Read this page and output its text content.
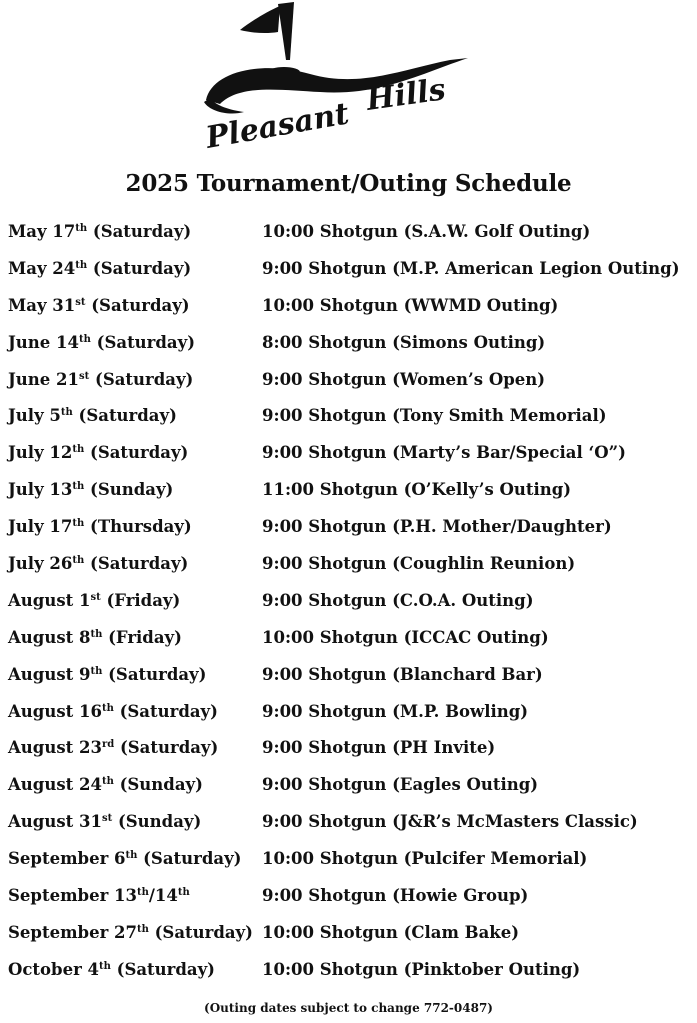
Pleasant
Hills
2025 Tournament/Outing Schedule
May 17th (Saturday)	10:00 Shotgun (S.A.W. Golf Outing)
May 24th (Saturday)	9:00 Shotgun (M.P. American Legion Outing)
May 31st (Saturday)	10:00 Shotgun (WWMD Outing)
June 14th (Saturday)	8:00 Shotgun (Simons Outing)
June 21st (Saturday)	9:00 Shotgun (Women’s Open)
July 5th (Saturday)	9:00 Shotgun (Tony Smith Memorial)
July 12th (Saturday)	9:00 Shotgun (Marty’s Bar/Special ‘O”)
July 13th (Sunday)	11:00 Shotgun (O’Kelly’s Outing)
July 17th (Thursday)	9:00 Shotgun (P.H. Mother/Daughter)
July 26th (Saturday)	9:00 Shotgun (Coughlin Reunion)
August 1st (Friday)	9:00 Shotgun (C.O.A. Outing)
August 8th (Friday)	10:00 Shotgun (ICCAC Outing)
August 9th (Saturday)	9:00 Shotgun (Blanchard Bar)
August 16th (Saturday)	9:00 Shotgun (M.P. Bowling)
August 23rd (Saturday)	9:00 Shotgun (PH Invite)
August 24th (Sunday)	9:00 Shotgun (Eagles Outing)
August 31st (Sunday)	9:00 Shotgun (J&R’s McMasters Classic)
September 6th (Saturday) 10:00 Shotgun (Pulcifer Memorial)
September 13th/14th	9:00 Shotgun (Howie Group)
September 27th (Saturday) 10:00 Shotgun (Clam Bake)
October 4th (Saturday)	10:00 Shotgun (Pinktober Outing)
(Outing dates subject to change 772-0487)
